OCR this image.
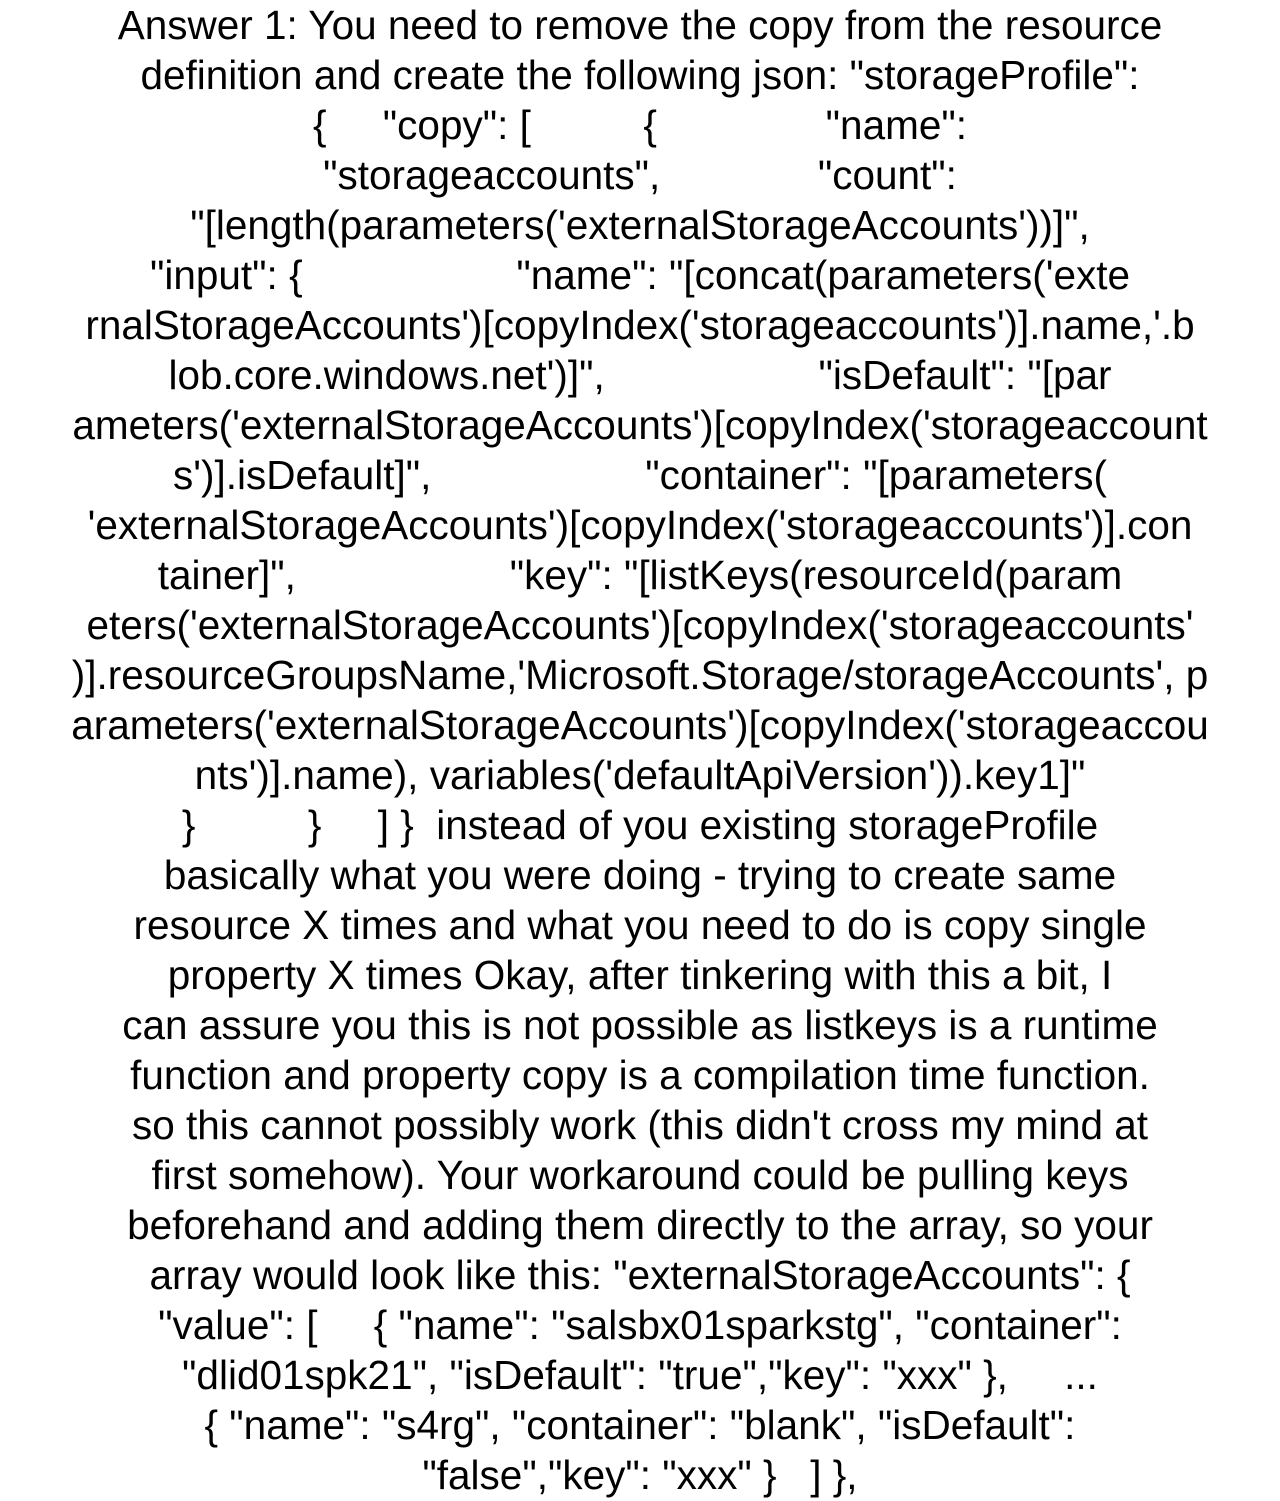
Answer 1: You need to remove the copy from the resource
definition and create the following json: "storageProfile":
{     "copy": [          {               "name":
"storageaccounts",              "count":
"[length(parameters('externalStorageAccounts'))]",
"input": {                   "name": "[concat(parameters('exte
rnalStorageAccounts')[copyIndex('storageaccounts')].name,'.b
lob.core.windows.net')]",                   "isDefault": "[par
ameters('externalStorageAccounts')[copyIndex('storageaccount
s')].isDefault]",                   "container": "[parameters(
'externalStorageAccounts')[copyIndex('storageaccounts')].con
tainer]",                   "key": "[listKeys(resourceId(param
eters('externalStorageAccounts')[copyIndex('storageaccounts'
)].resourceGroupsName,'Microsoft.Storage/storageAccounts', p
arameters('externalStorageAccounts')[copyIndex('storageaccou
nts')].name), variables('defaultApiVersion')).key1]"
}          }     ] }  instead of you existing storageProfile
basically what you were doing - trying to create same
resource X times and what you need to do is copy single
property X times Okay, after tinkering with this a bit, I
can assure you this is not possible as listkeys is a runtime
function and property copy is a compilation time function.
so this cannot possibly work (this didn't cross my mind at
first somehow). Your workaround could be pulling keys
beforehand and adding them directly to the array, so your
array would look like this: "externalStorageAccounts": {
"value": [     { "name": "salsbx01sparkstg", "container":
"dlid01spk21", "isDefault": "true","key": "xxx" },     ...
{ "name": "s4rg", "container": "blank", "isDefault":
"false","key": "xxx" }   ] },
